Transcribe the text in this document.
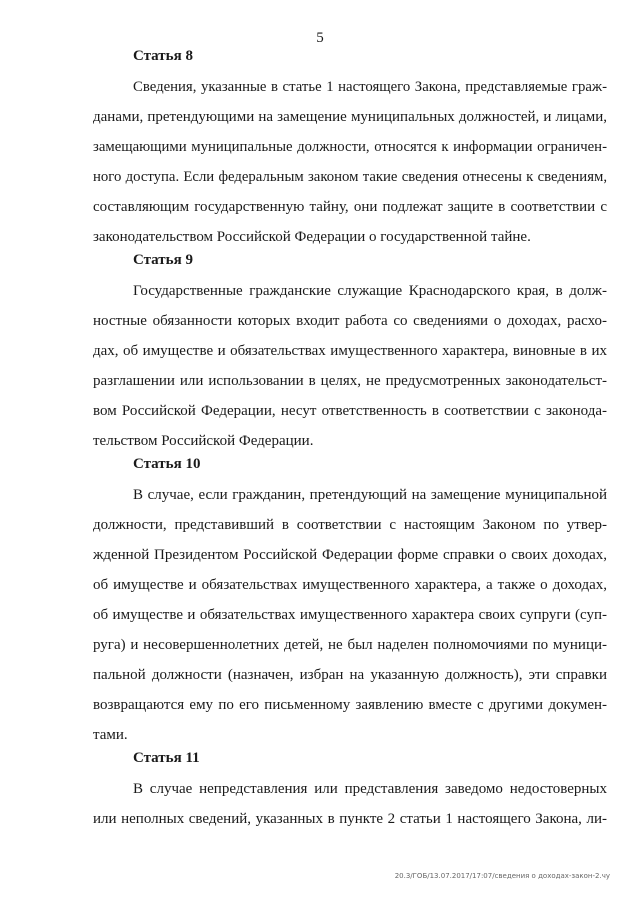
5
Статья 8
Сведения, указанные в статье 1 настоящего Закона, представляемые граж-
данами, претендующими на замещение муниципальных должностей, и лицами,
замещающими муниципальные должности, относятся к информации ограничен-
ного доступа. Если федеральным законом такие сведения отнесены к сведениям,
составляющим государственную тайну, они подлежат защите в соответствии с
законодательством Российской Федерации о государственной тайне.
Статья 9
Государственные гражданские служащие Краснодарского края, в долж-
ностные обязанности которых входит работа со сведениями о доходах, расхо-
дах, об имуществе и обязательствах имущественного характера, виновные в их
разглашении или использовании в целях, не предусмотренных законодательст-
вом Российской Федерации, несут ответственность в соответствии с законода-
тельством Российской Федерации.
Статья 10
В случае, если гражданин, претендующий на замещение муниципальной
должности, представивший в соответствии с настоящим Законом по утвер-
жденной Президентом Российской Федерации форме справки о своих доходах,
об имуществе и обязательствах имущественного характера, а также о доходах,
об имуществе и обязательствах имущественного характера своих супруги (суп-
руга) и несовершеннолетних детей, не был наделен полномочиями по муници-
пальной должности (назначен, избран на указанную должность), эти справки
возвращаются ему по его письменному заявлению вместе с другими докумен-
тами.
Статья 11
В случае непредставления или представления заведомо недостоверных
или неполных сведений, указанных в пункте 2 статьи 1 настоящего Закона, ли-
20.3/ГОБ/13.07.2017/17:07/сведения о доходах-закон-2.чу
